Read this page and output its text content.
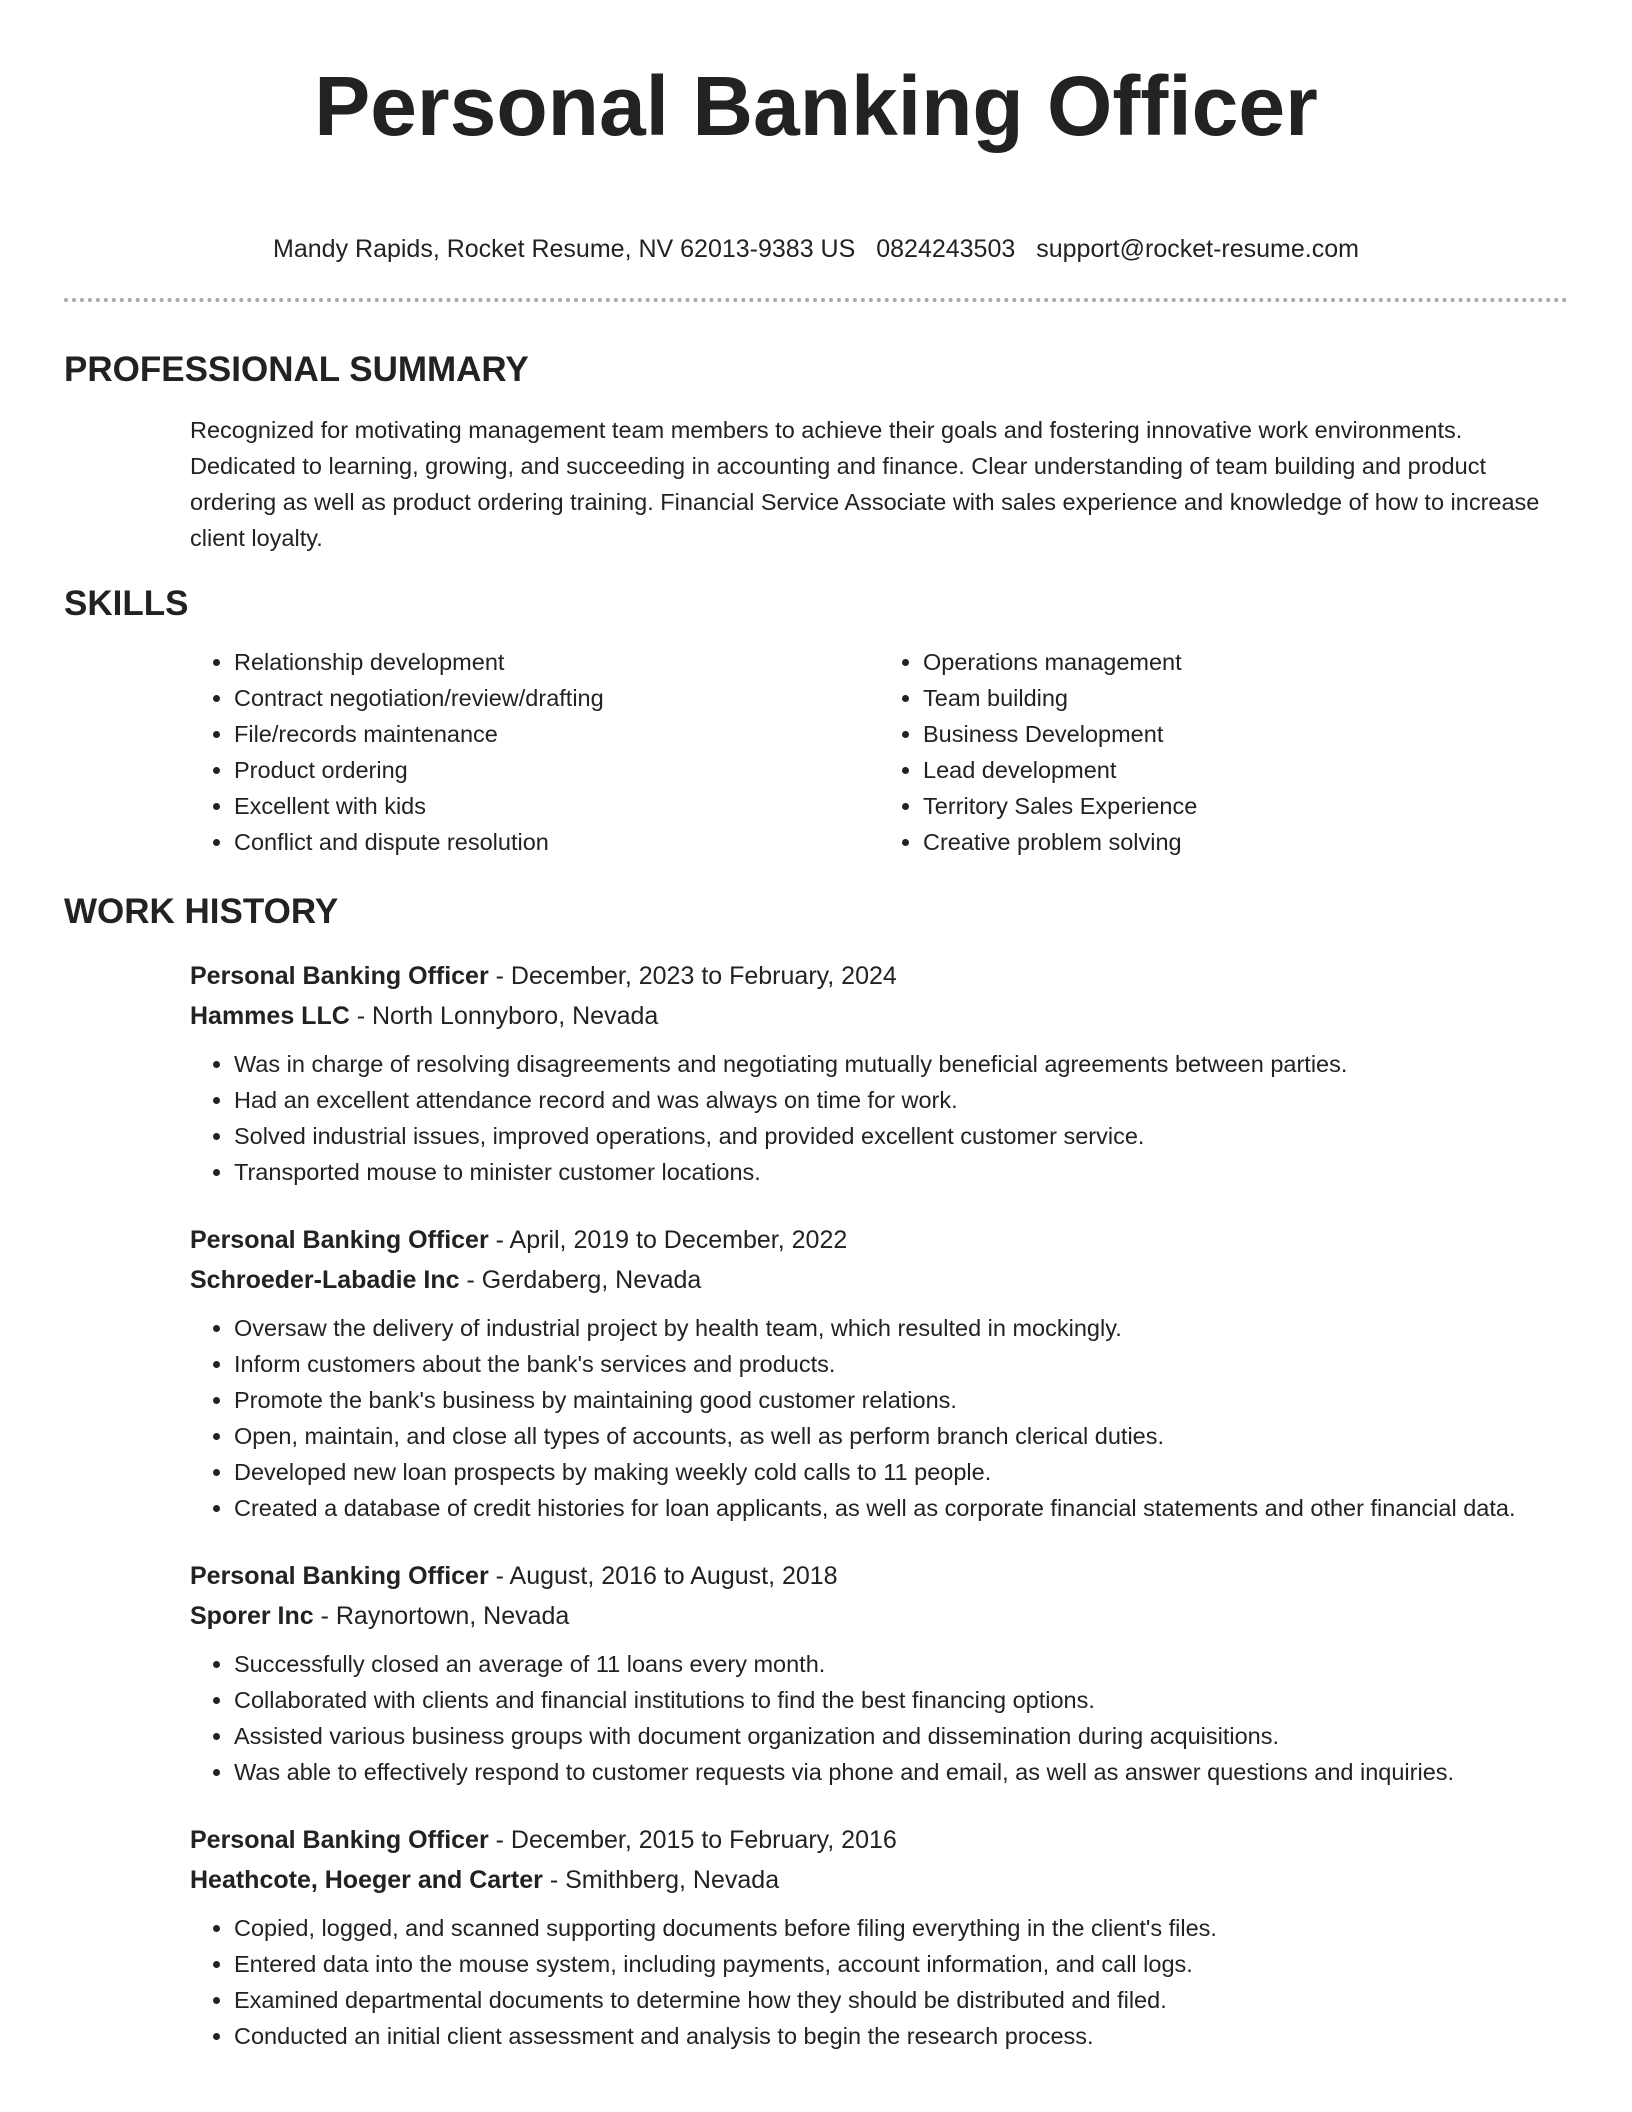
Personal Banking Officer
Mandy Rapids, Rocket Resume, NV 62013-9383 US 0824243503 support@rocket-resume.com
PROFESSIONAL SUMMARY

Recognized for motivating management team members to achieve their goals and fostering innovative work environments. Dedicated to learning, growing, and succeeding in accounting and finance. Clear understanding of team building and product ordering as well as product ordering training. Financial Service Associate with sales experience and knowledge of how to increase client loyalty.

SKILLS
• Relationship development
• Contract negotiation/review/drafting
• File/records maintenance
• Product ordering
• Excellent with kids
• Conflict and dispute resolution
• Operations management
• Team building
• Business Development
• Lead development
• Territory Sales Experience
• Creative problem solving
WORK HISTORY
Personal Banking Officer - December, 2023 to February, 2024
Hammes LLC - North Lonnyboro, Nevada
• Was in charge of resolving disagreements and negotiating mutually beneficial agreements between parties.
• Had an excellent attendance record and was always on time for work.
• Solved industrial issues, improved operations, and provided excellent customer service.
• Transported mouse to minister customer locations.
Personal Banking Officer - April, 2019 to December, 2022
Schroeder-Labadie Inc - Gerdaberg, Nevada
• Oversaw the delivery of industrial project by health team, which resulted in mockingly.
• Inform customers about the bank's services and products.
• Promote the bank's business by maintaining good customer relations.
• Open, maintain, and close all types of accounts, as well as perform branch clerical duties.
• Developed new loan prospects by making weekly cold calls to 11 people.
• Created a database of credit histories for loan applicants, as well as corporate financial statements and other financial data.
Personal Banking Officer - August, 2016 to August, 2018
Sporer Inc - Raynortown, Nevada
• Successfully closed an average of 11 loans every month.
• Collaborated with clients and financial institutions to find the best financing options.
• Assisted various business groups with document organization and dissemination during acquisitions.
• Was able to effectively respond to customer requests via phone and email, as well as answer questions and inquiries.
Personal Banking Officer - December, 2015 to February, 2016
Heathcote, Hoeger and Carter - Smithberg, Nevada
• Copied, logged, and scanned supporting documents before filing everything in the client's files.
• Entered data into the mouse system, including payments, account information, and call logs.
• Examined departmental documents to determine how they should be distributed and filed.
• Conducted an initial client assessment and analysis to begin the research process.
